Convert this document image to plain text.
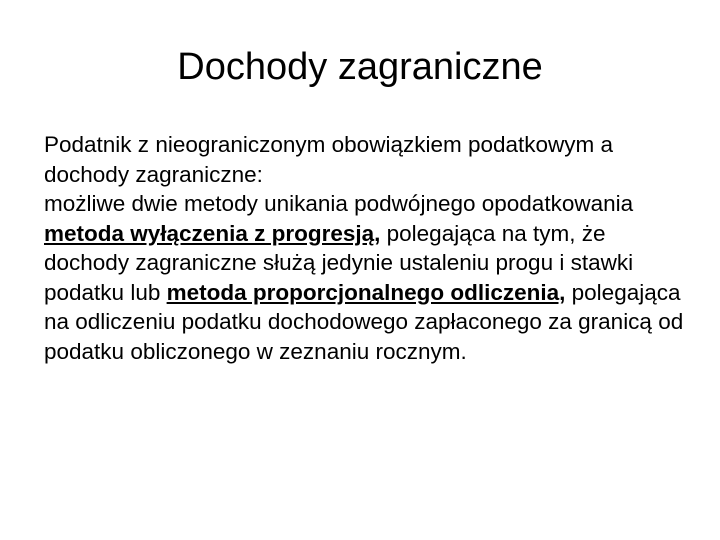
Dochody zagraniczne

Podatnik z nieograniczonym obowiązkiem podatkowym a dochody zagraniczne:

możliwe dwie metody unikania podwójnego opodatkowania metoda wyłączenia z progresją, polegająca na tym, że dochody zagraniczne służą jedynie ustaleniu progu i stawki podatku lub metoda proporcjonalnego odliczenia, polegająca na odliczeniu podatku dochodowego zapłaconego za granicą od podatku obliczonego w zeznaniu rocznym.
